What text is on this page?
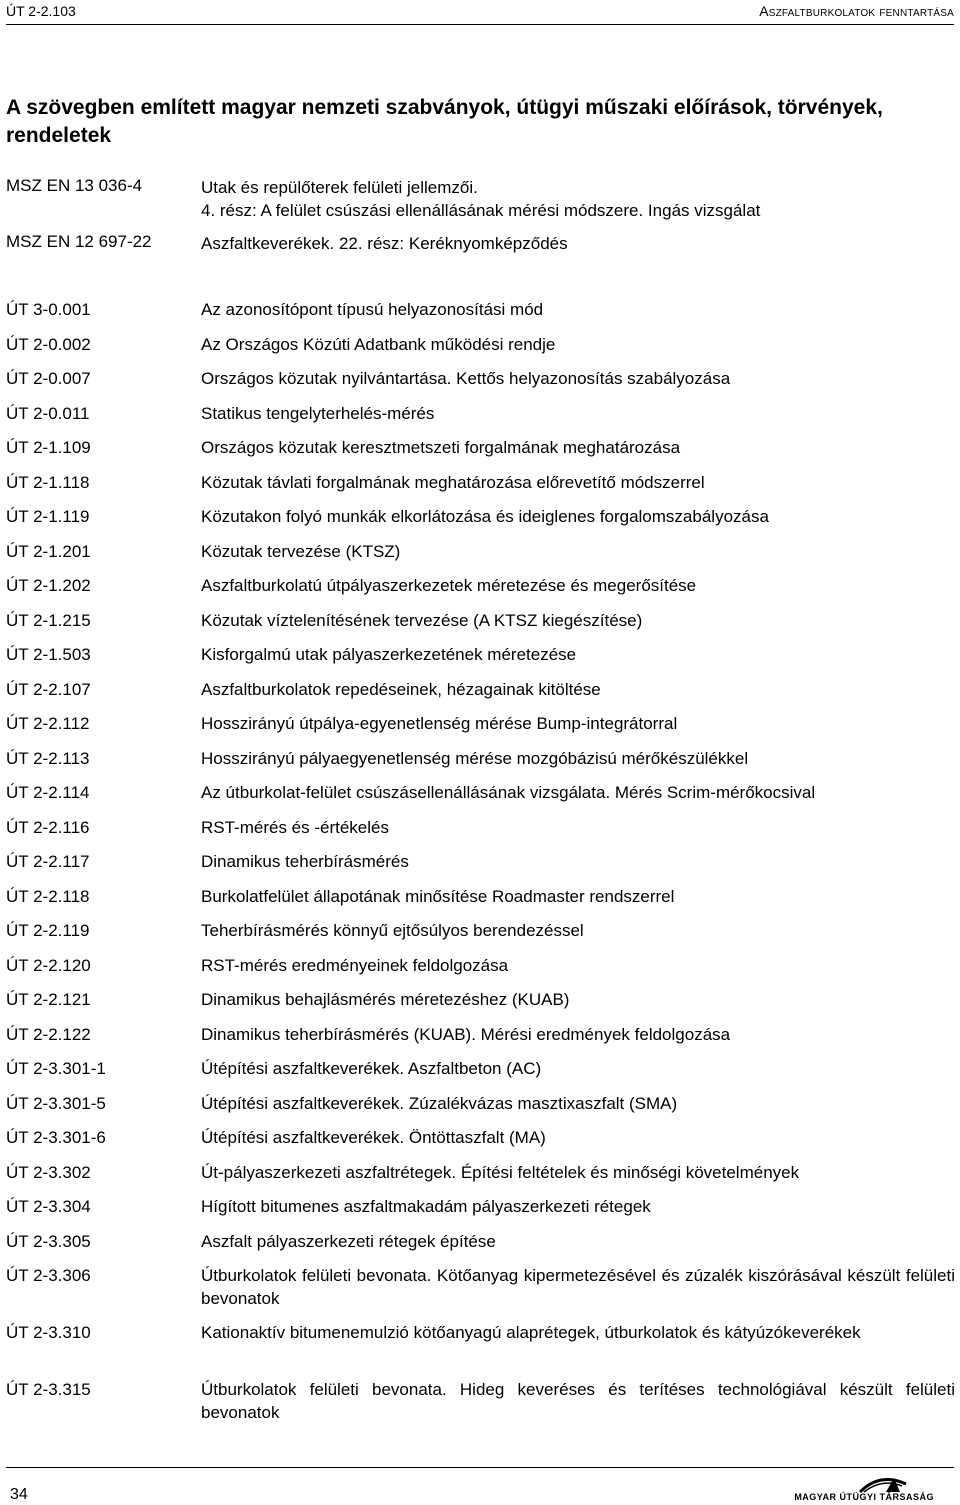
ÚT 2-2.103	Aszfaltburkolatok fenntartása
A szövegben említett magyar nemzeti szabványok, útügyi műszaki előírások, törvények, rendeletek
MSZ EN 13 036-4	Utak és repülőterek felületi jellemzői.
4. rész: A felület csúszási ellenállásának mérési módszere. Ingás vizsgálat
MSZ EN 12 697-22	Aszfaltkeverékek. 22. rész: Keréknyomképződés
ÚT 3-0.001	Az azonosítópont típusú helyazonosítási mód
ÚT 2-0.002	Az Országos Közúti Adatbank működési rendje
ÚT 2-0.007	Országos közutak nyilvántartása. Kettős helyazonosítás szabályozása
ÚT 2-0.011	Statikus tengelyterhelés-mérés
ÚT 2-1.109	Országos közutak keresztmetszeti forgalmának meghatározása
ÚT 2-1.118	Közutak távlati forgalmának meghatározása előrevetítő módszerrel
ÚT 2-1.119	Közutakon folyó munkák elkorlátozása és ideiglenes forgalomszabályozása
ÚT 2-1.201	Közutak tervezése (KTSZ)
ÚT 2-1.202	Aszfaltburkolatú útpályaszerkezetek méretezése és megerősítése
ÚT 2-1.215	Közutak víztelenítésének tervezése (A KTSZ kiegészítése)
ÚT 2-1.503	Kisforgalmú utak pályaszerkezetének méretezése
ÚT 2-2.107	Aszfaltburkolatok repedéseinek, hézagainak kitöltése
ÚT 2-2.112	Hosszirányú útpálya-egyenetlenség mérése Bump-integrátorral
ÚT 2-2.113	Hosszirányú pályaegyenetlenség mérése mozgóbázisú mérőkészülékkel
ÚT 2-2.114	Az útburkolat-felület csúszásellenállásának vizsgálata. Mérés Scrim-mérőkocsival
ÚT 2-2.116	RST-mérés és -értékelés
ÚT 2-2.117	Dinamikus teherbírásmérés
ÚT 2-2.118	Burkolatfelület állapotának minősítése Roadmaster rendszerrel
ÚT 2-2.119	Teherbírásmérés könnyű ejtősúlyos berendezéssel
ÚT 2-2.120	RST-mérés eredményeinek feldolgozása
ÚT 2-2.121	Dinamikus behajlásmérés méretezéshez (KUAB)
ÚT 2-2.122	Dinamikus teherbírásmérés (KUAB). Mérési eredmények feldolgozása
ÚT 2-3.301-1	Útépítési aszfaltkeverékek. Aszfaltbeton (AC)
ÚT 2-3.301-5	Útépítési aszfaltkeverékek. Zúzalékvázas masztixaszfalt (SMA)
ÚT 2-3.301-6	Útépítési aszfaltkeverékek. Öntöttaszfalt (MA)
ÚT 2-3.302	Út-pályaszerkezeti aszfaltrétegek. Építési feltételek és minőségi követelmények
ÚT 2-3.304	Hígított bitumenes aszfaltmakadám pályaszerkezeti rétegek
ÚT 2-3.305	Aszfalt pályaszerkezeti rétegek építése
ÚT 2-3.306	Útburkolatok felületi bevonata. Kötőanyag kipermetezésével és zúzalék kiszórásával készült felületi bevonatok
ÚT 2-3.310	Kationaktív bitumenemulzió kötőanyagú alaprétegek, útburkolatok és kátyúzókeverékek
ÚT 2-3.315	Útburkolatok felületi bevonata. Hideg keveréses és terítéses technológiával készült felületi bevonatok
34	MAGYAR ÚTÜGYI TÁRSASÁG
